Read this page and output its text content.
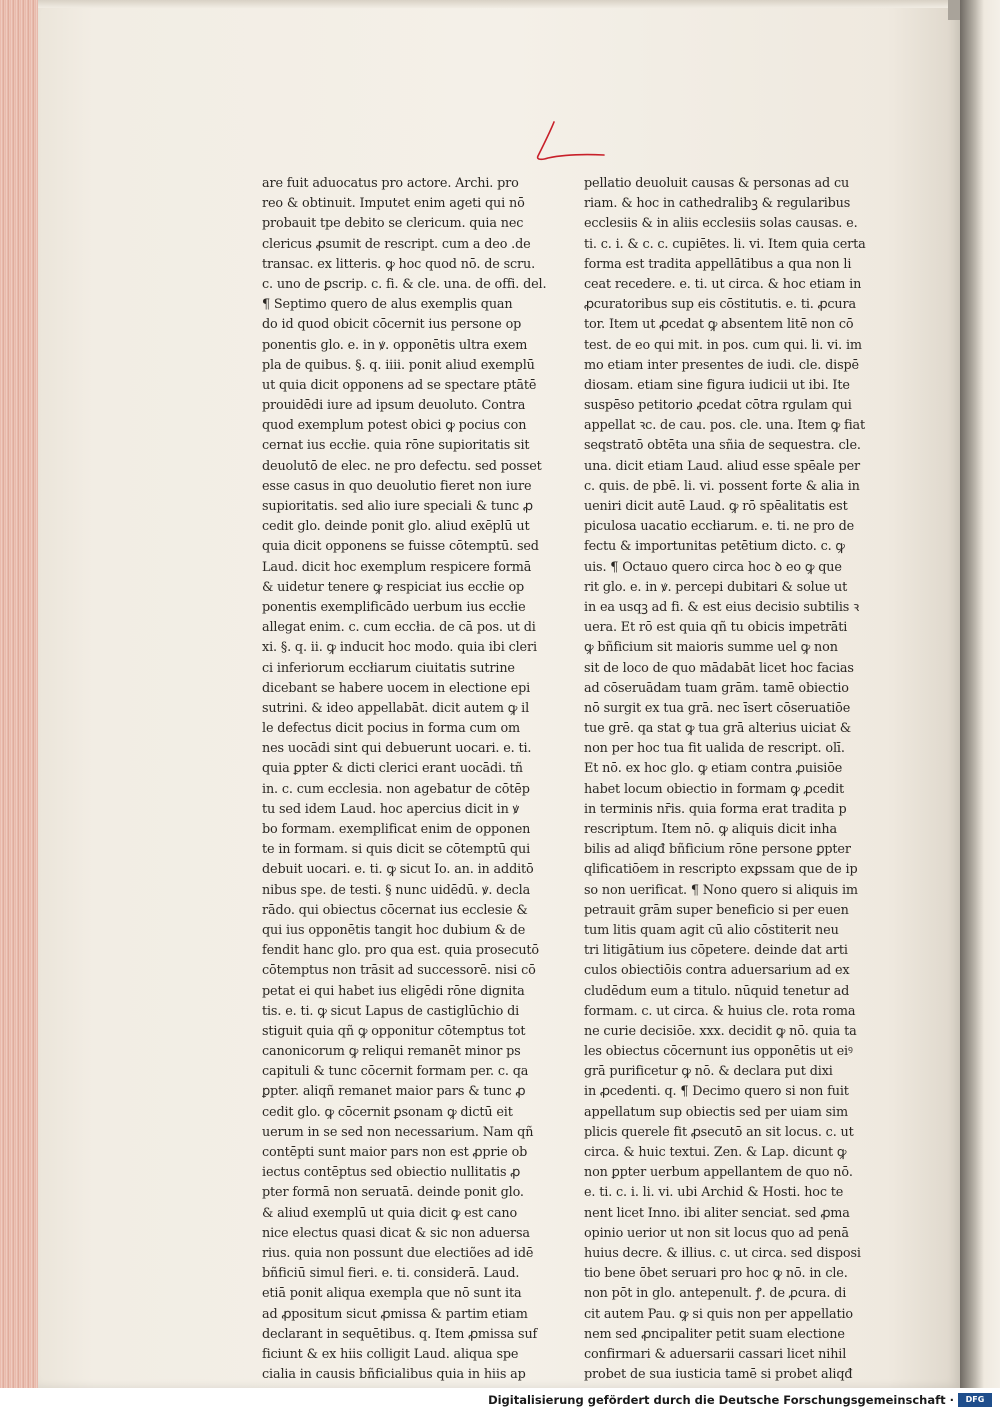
are fuit aduocatus pro actore. Archi. pro
reo & obtinuit. Imputet enim ageti qui nō
probauit tpe debito se clericum. quia nec
clericus ꝓsumit de rescript. cum a deo .de
transac. ex litteris. ꝙ hoc quod nō. de scru.
c. uno de ꝑscrip. c. fi. & cle. una. de offi. del.
¶ Septimo quero de alus exemplis quan
do id quod obicit cōcernit ius persone op
ponentis glo. e. in ꝟ. opponētis ultra exem
pla de quibus. §. q. iiii. ponit aliud exemplū
ut quia dicit opponens ad se spectare ptātē
prouidēdi iure ad ipsum deuoluto. Contra
quod exemplum potest obici ꝙ pocius con
cernat ius eccłie. quia rōne supioritatis sit
deuolutō de elec. ne pro defectu. sed posset
esse casus in quo deuolutio fieret non iure
supioritatis. sed alio iure speciali & tunc ꝓ
cedit glo. deinde ponit glo. aliud exēplū ut
quia dicit opponens se fuisse cōtemptū. sed
Laud. dicit hoc exemplum respicere formā
& uidetur tenere ꝙ respiciat ius eccłie op
ponentis exemplificādo uerbum ius eccłie
allegat enim. c. cum eccłia. de cā pos. ut di
xi. §. q. ii. ꝙ inducit hoc modo. quia ibi cleri
ci inferiorum eccłiarum ciuitatis sutrine
dicebant se habere uocem in electione epi
sutrini. & ideo appellabāt. dicit autem ꝙ il
le defectus dicit pocius in forma cum om
nes uocādi sint qui debuerunt uocari. e. ti.
quia ꝑpter & dicti clerici erant uocādi. tñ
in. c. cum ecclesia. non agebatur de cōtēp
tu sed idem Laud. hoc apercius dicit in ꝟ
bo formam. exemplificat enim de opponen
te in formam. si quis dicit se cōtemptū qui
debuit uocari. e. ti. ꝙ sicut Io. an. in additō
nibus spe. de testi. § nunc uidēdū. ꝟ. decla
rādo. qui obiectus cōcernat ius ecclesie &
qui ius opponētis tangit hoc dubium & de
fendit hanc glo. pro qua est. quia prosecutō
cōtemptus non trāsit ad successorē. nisi cō
petat ei qui habet ius eligēdi rōne dignita
tis. e. ti. ꝙ sicut Lapus de castiglūchio di
stiguit quia qñ ꝙ opponitur cōtemptus tot
canonicorum ꝙ reliqui remanēt minor ps
capituli & tunc cōcernit formam per. c. qa
ꝑpter. aliqñ remanet maior pars & tunc ꝓ
cedit glo. ꝙ cōcernit ꝑsonam ꝙ dictū eit
uerum in se sed non necessarium. Nam qñ
contēpti sunt maior pars non est ꝓprie ob
iectus contēptus sed obiectio nullitatis ꝓ
pter formā non seruatā. deinde ponit glo.
& aliud exemplū ut quia dicit ꝙ est cano
nice electus quasi dicat & sic non aduersa
rius. quia non possunt due electiões ad idē
bñficiū simul fieri. e. ti. considerā. Laud.
etiā ponit aliqua exempla que nō sunt ita
ad ꝓpositum sicut ꝓmissa & partim etiam
declarant in sequētibus. q. Item ꝓmissa suf
ficiunt & ex hiis colligit Laud. aliqua spe
cialia in causis bñficialibus quia in hiis ap
pellatio deuoluit causas & personas ad cu
riam. & hoc in cathedralibꝫ & regularibus
ecclesiis & in aliis ecclesiis solas causas. e.
ti. c. i. & c. c. cupiētes. li. vi. Item quia certa
forma est tradita appellātibus a qua non li
ceat recedere. e. ti. ut circa. & hoc etiam in
ꝓcuratoribus sup eis cōstitutis. e. ti. ꝓcura
tor. Item ut ꝓcedat ꝙ absentem litē non cō
test. de eo qui mit. in pos. cum qui. li. vi. im
mo etiam inter presentes de iudi. cle. dispē
diosam. etiam sine figura iudicii ut ibi. Ite
suspēso petitorio ꝓcedat cōtra rgulam qui
appellat ꝛc. de cau. pos. cle. una. Item ꝙ fiat
seqstratō obtēta una sñia de sequestra. cle.
una. dicit etiam Laud. aliud esse spēale per
c. quis. de pbē. li. vi. possent forte & alia in
ueniri dicit autē Laud. ꝙ rō spēalitatis est
piculosa uacatio eccłiarum. e. ti. ne pro de
fectu & importunitas petētium dicto. c. ꝙ
uis. ¶ Octauo quero circa hoc ꝺ eo ꝙ que
rit glo. e. in ꝟ. percepi dubitari & solue ut
in ea usqꝫ ad fi. & est eius decisio subtilis ꝛ
uera. Et rō est quia qñ tu obicis impetrāti
ꝙ bñficium sit maioris summe uel ꝙ non
sit de loco de quo mādabāt licet hoc facias
ad cōseruādam tuam grām. tamē obiectio
nō surgit ex tua grā. nec īsert cōseruatiōe
tue grē. qa stat ꝙ tua grā alterius uiciat &
non per hoc tua fit ualida de rescript. olī.
Et nō. ex hoc glo. ꝙ etiam contra ꝓuisiōe
habet locum obiectio in formam ꝙ ꝓcedit
in terminis nr̄is. quia forma erat tradita p
rescriptum. Item nō. ꝙ aliquis dicit inha
bilis ad aliqđ bñficium rōne persone ꝑpter
qlificatiōem in rescripto exꝑssam que de ip
so non uerificat. ¶ Nono quero si aliquis im
petrauit grām super beneficio si per euen
tum litis quam agit cū alio cōstiterit neu
tri litigātium ius cōpetere. deinde dat arti
culos obiectiōis contra aduersarium ad ex
cludēdum eum a titulo. nūquid tenetur ad
formam. c. ut circa. & huius cle. rota roma
ne curie decisiōe. xxx. decidit ꝙ nō. quia ta
les obiectus cōcernunt ius opponētis ut eiꝰ
grā purificetur ꝙ nō. & declara put dixi
in ꝓcedenti. q. ¶ Decimo quero si non fuit
appellatum sup obiectis sed per uiam sim
plicis querele fit ꝓsecutō an sit locus. c. ut
circa. & huic textui. Zen. & Lap. dicunt ꝙ
non ꝑpter uerbum appellantem de quo nō.
e. ti. c. i. li. vi. ubi Archid & Hosti. hoc te
nent licet Inno. ibi aliter senciat. sed ꝓma
opinio uerior ut non sit locus quo ad penā
huius decre. & illius. c. ut circa. sed disposi
tio bene ōbet seruari pro hoc ꝙ nō. in cle.
non pōt in glo. antepenult. ꝭ. de ꝓcura. di
cit autem Pau. ꝙ si quis non per appellatio
nem sed ꝓncipaliter petit suam electione
confirmari & aduersarii cassari licet nihil
probet de sua iusticia tamē si probet aliqđ
Digitalisierung gefördert durch die Deutsche Forschungsgemeinschaft ·	DFG
